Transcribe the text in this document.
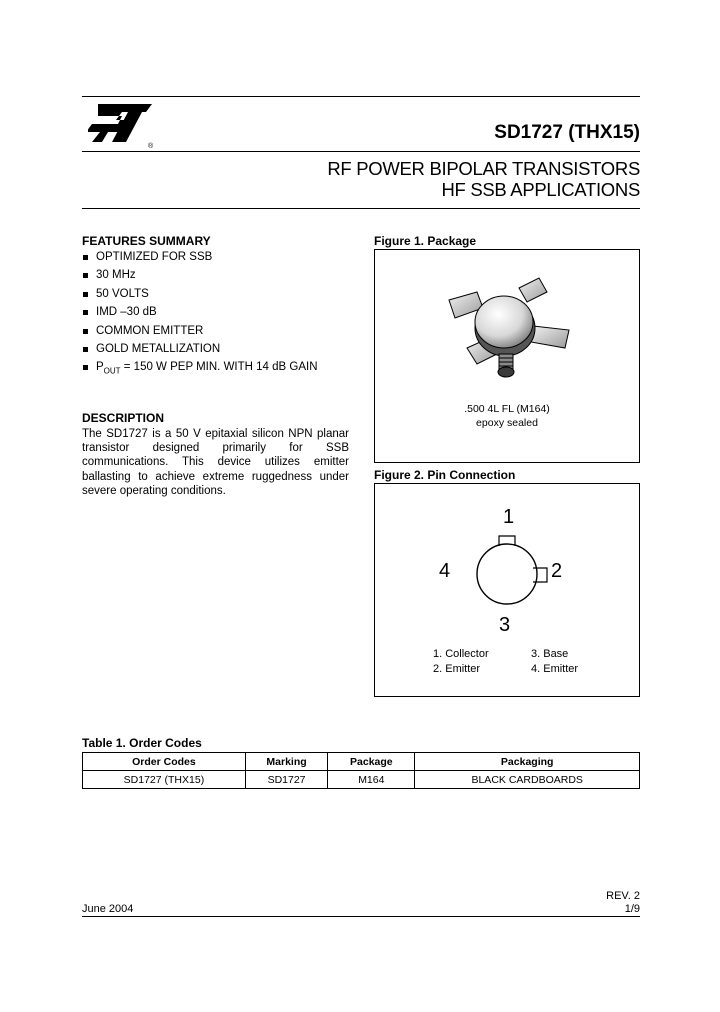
®
SD1727 (THX15)
RF POWER BIPOLAR TRANSISTORS
HF SSB APPLICATIONS
FEATURES SUMMARY
OPTIMIZED FOR SSB
30 MHz
50 VOLTS
IMD –30 dB
COMMON EMITTER
GOLD METALLIZATION
$P_{OUT} = 150$ W PEP MIN. WITH 14 dB GAIN
DESCRIPTION
The SD1727 is a 50 V epitaxial silicon NPN planar transistor designed primarily for SSB communications. This device utilizes emitter ballasting to achieve extreme ruggedness under severe operating conditions.
Figure 1. Package
.500 4L FL (M164)
epoxy sealed
Figure 2. Pin Connection
1
4	2
3
1. Collector	3. Base
2. Emitter	4. Emitter
Table 1. Order Codes
Order Codes	Marking	Package	Packaging
SD1727 (THX15)	SD1727	M164	BLACK CARDBOARDS
REV. 2
June 2004	1/9
